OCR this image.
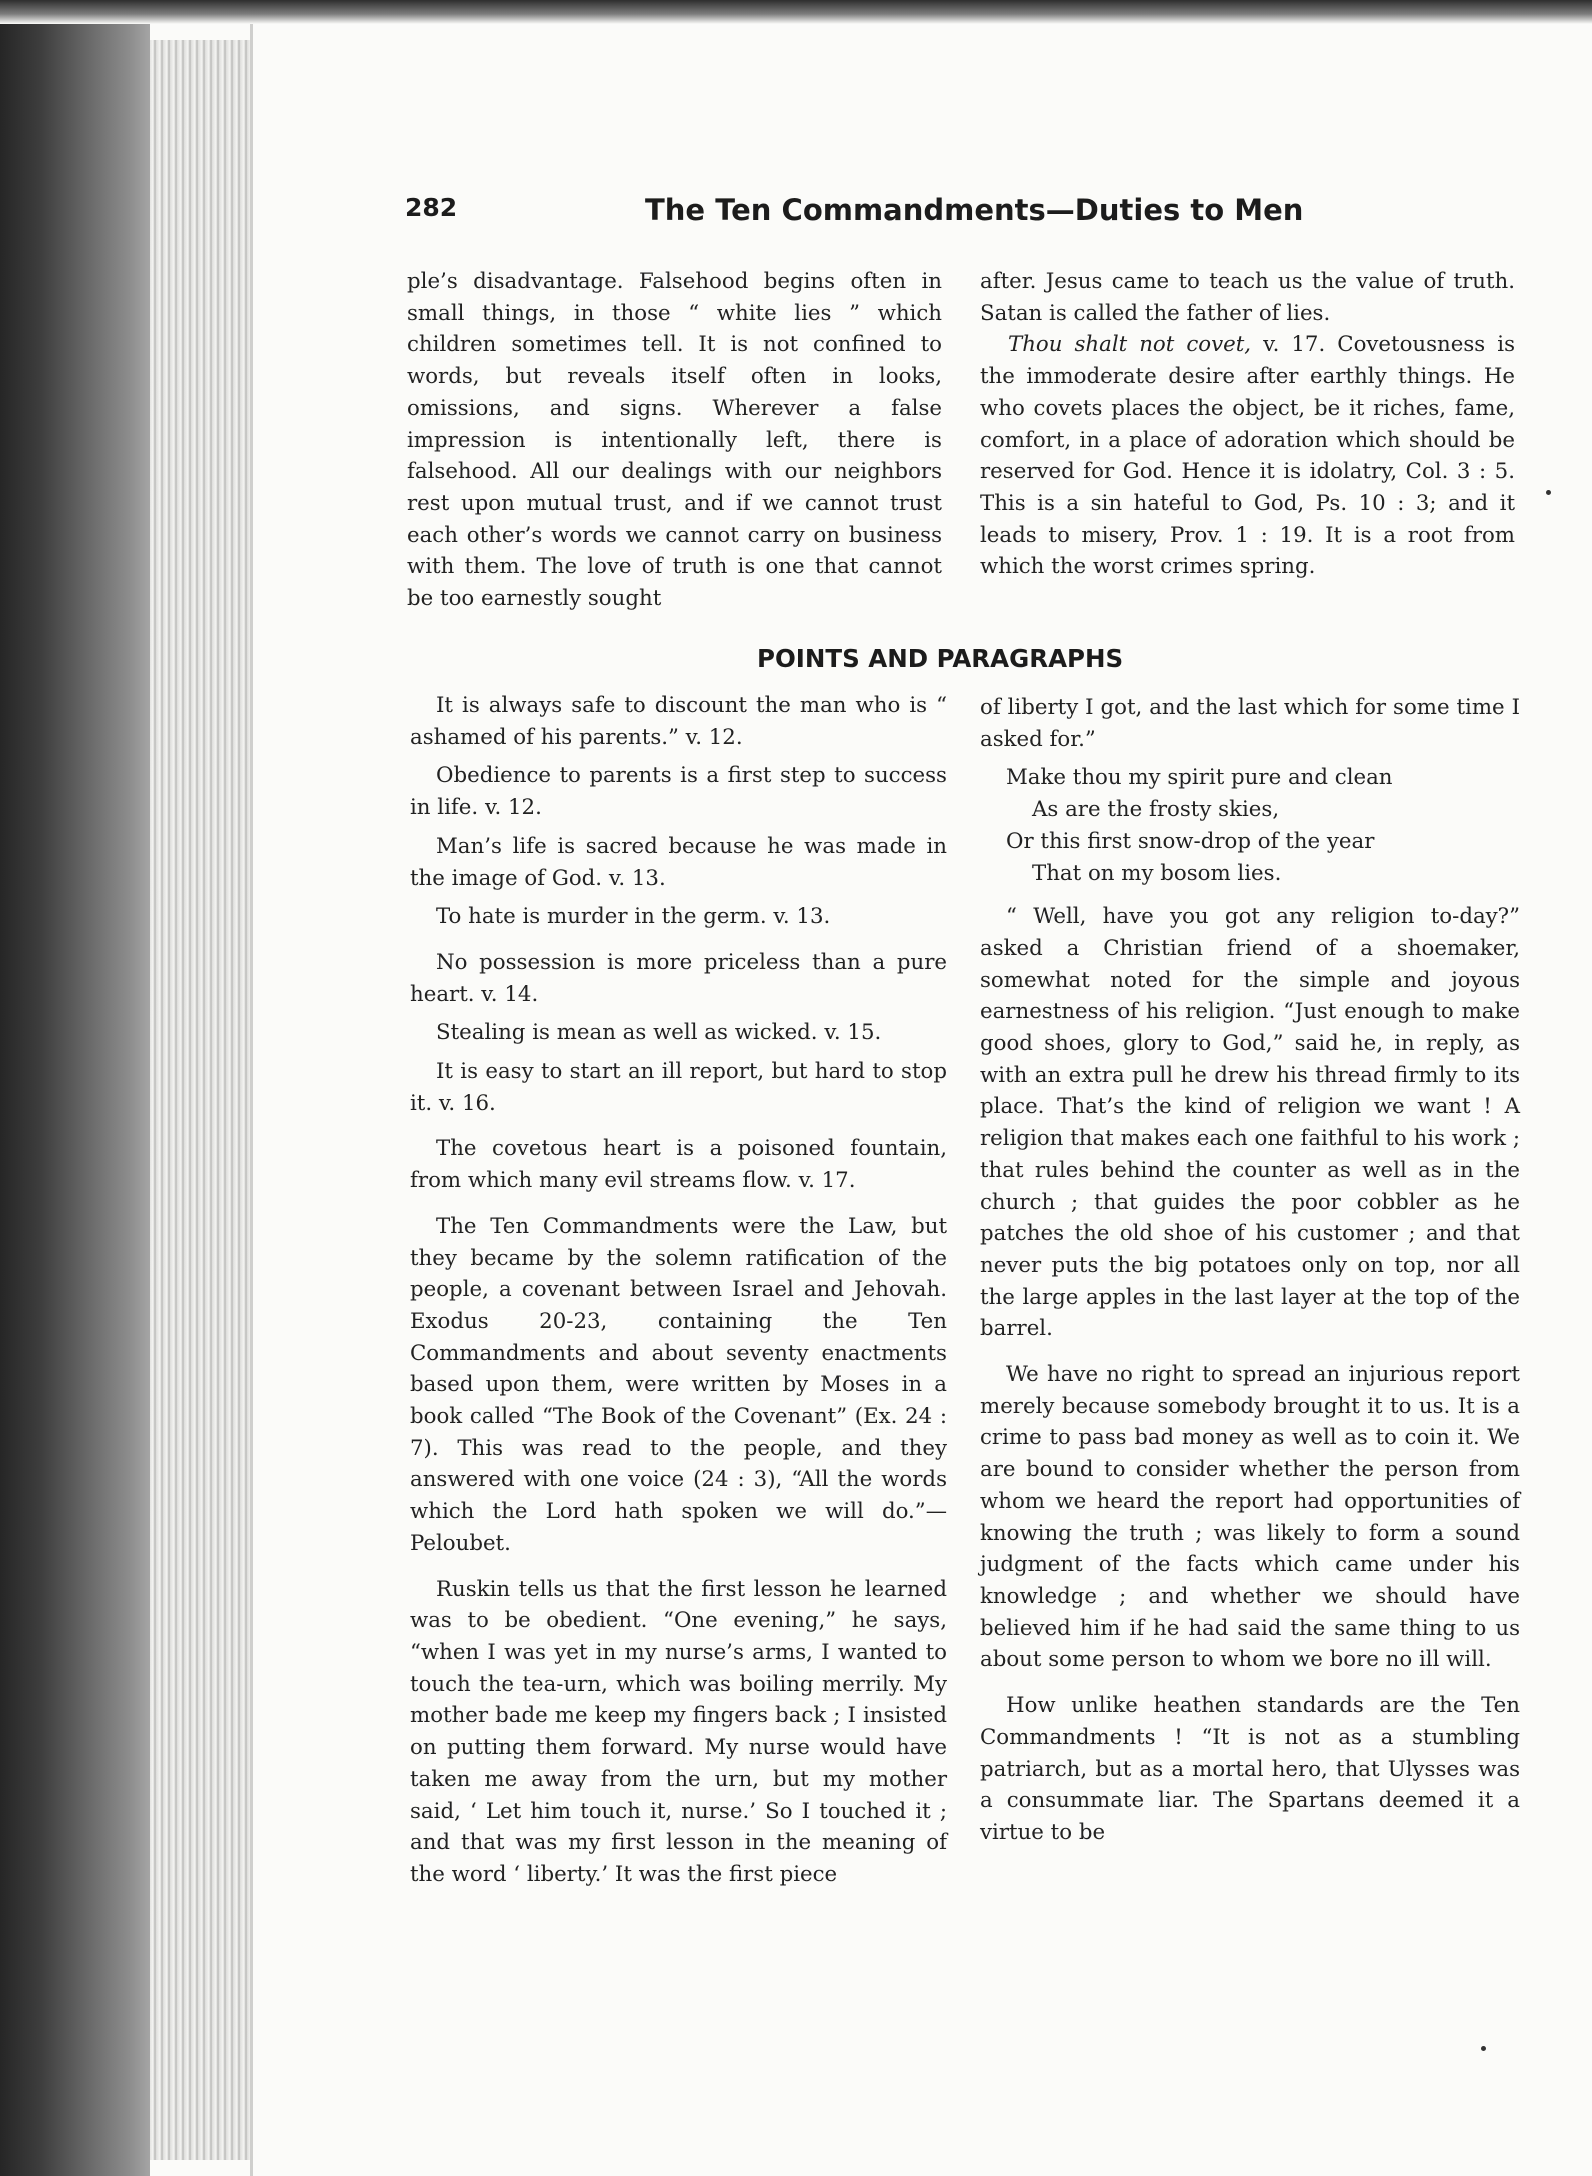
282	The Ten Commandments—Duties to Men

ple’s disadvantage. Falsehood begins often in small things, in those “ white lies ” which children sometimes tell. It is not confined to words, but reveals itself often in looks, omissions, and signs. Wherever a false impression is intentionally left, there is falsehood. All our dealings with our neighbors rest upon mutual trust, and if we cannot trust each other’s words we cannot carry on business with them. The love of truth is one that cannot be too earnestly sought

after. Jesus came to teach us the value of truth. Satan is called the father of lies.

Thou shalt not covet, v. 17. Covetousness is the immoderate desire after earthly things. He who covets places the object, be it riches, fame, comfort, in a place of adoration which should be reserved for God. Hence it is idolatry, Col. 3 : 5. This is a sin hateful to God, Ps. 10 : 3; and it leads to misery, Prov. 1 : 19. It is a root from which the worst crimes spring.

POINTS AND PARAGRAPHS

It is always safe to discount the man who is “ ashamed of his parents.” v. 12.

Obedience to parents is a first step to success in life. v. 12.

Man’s life is sacred because he was made in the image of God. v. 13.

To hate is murder in the germ. v. 13.

No possession is more priceless than a pure heart. v. 14.

Stealing is mean as well as wicked. v. 15.

It is easy to start an ill report, but hard to stop it. v. 16.

The covetous heart is a poisoned fountain, from which many evil streams flow. v. 17.

The Ten Commandments were the Law, but they became by the solemn ratification of the people, a covenant between Israel and Jehovah. Exodus 20-23, containing the Ten Commandments and about seventy enactments based upon them, were written by Moses in a book called “The Book of the Covenant” (Ex. 24 : 7). This was read to the people, and they answered with one voice (24 : 3), “All the words which the Lord hath spoken we will do.”—Peloubet.

Ruskin tells us that the first lesson he learned was to be obedient. “One evening,” he says, “when I was yet in my nurse’s arms, I wanted to touch the tea-urn, which was boiling merrily. My mother bade me keep my fingers back ; I insisted on putting them forward. My nurse would have taken me away from the urn, but my mother said, ‘ Let him touch it, nurse.’ So I touched it ; and that was my first lesson in the meaning of the word ‘ liberty.’ It was the first piece

of liberty I got, and the last which for some time I asked for.”

Make thou my spirit pure and clean
As are the frosty skies,
Or this first snow-drop of the year
That on my bosom lies.

“ Well, have you got any religion to-day?” asked a Christian friend of a shoemaker, somewhat noted for the simple and joyous earnestness of his religion. “Just enough to make good shoes, glory to God,” said he, in reply, as with an extra pull he drew his thread firmly to its place. That’s the kind of religion we want ! A religion that makes each one faithful to his work ; that rules behind the counter as well as in the church ; that guides the poor cobbler as he patches the old shoe of his customer ; and that never puts the big potatoes only on top, nor all the large apples in the last layer at the top of the barrel.

We have no right to spread an injurious report merely because somebody brought it to us. It is a crime to pass bad money as well as to coin it. We are bound to consider whether the person from whom we heard the report had opportunities of knowing the truth ; was likely to form a sound judgment of the facts which came under his knowledge ; and whether we should have believed him if he had said the same thing to us about some person to whom we bore no ill will.

How unlike heathen standards are the Ten Commandments ! “It is not as a stumbling patriarch, but as a mortal hero, that Ulysses was a consummate liar. The Spartans deemed it a virtue to be
